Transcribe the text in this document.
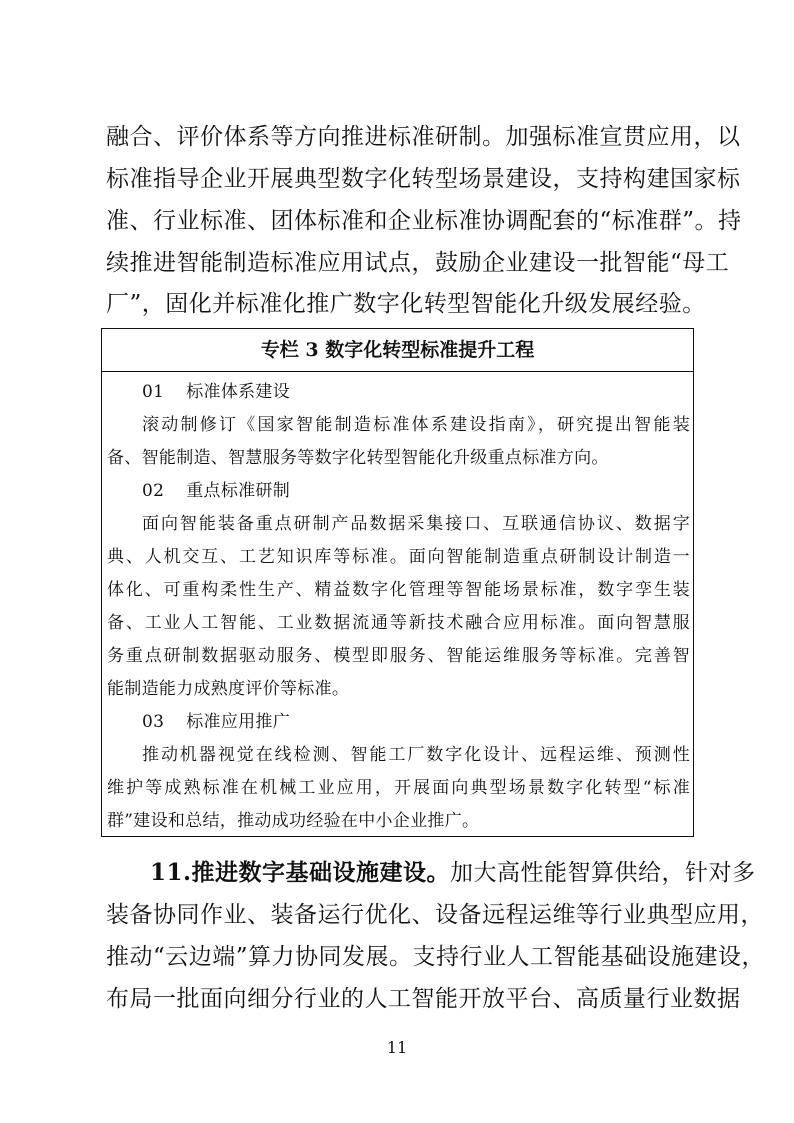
融合、评价体系等方向推进标准研制。加强标准宣贯应用，以
标准指导企业开展典型数字化转型场景建设，支持构建国家标
准、行业标准、团体标准和企业标准协调配套的“标准群”。持
续推进智能制造标准应用试点，鼓励企业建设一批智能“母工
厂”，固化并标准化推广数字化转型智能化升级发展经验。
专栏 3 数字化转型标准提升工程
01 标准体系建设
滚动制修订《国家智能制造标准体系建设指南》，研究提出智能装
备、智能制造、智慧服务等数字化转型智能化升级重点标准方向。
02 重点标准研制
面向智能装备重点研制产品数据采集接口、互联通信协议、数据字
典、人机交互、工艺知识库等标准。面向智能制造重点研制设计制造一
体化、可重构柔性生产、精益数字化管理等智能场景标准，数字孪生装
备、工业人工智能、工业数据流通等新技术融合应用标准。面向智慧服
务重点研制数据驱动服务、模型即服务、智能运维服务等标准。完善智
能制造能力成熟度评价等标准。
03 标准应用推广
推动机器视觉在线检测、智能工厂数字化设计、远程运维、预测性
维护等成熟标准在机械工业应用，开展面向典型场景数字化转型“标准
群”建设和总结，推动成功经验在中小企业推广。
11.推进数字基础设施建设。加大高性能智算供给，针对多
装备协同作业、装备运行优化、设备远程运维等行业典型应用，
推动“云边端”算力协同发展。支持行业人工智能基础设施建设，
布局一批面向细分行业的人工智能开放平台、高质量行业数据
11
